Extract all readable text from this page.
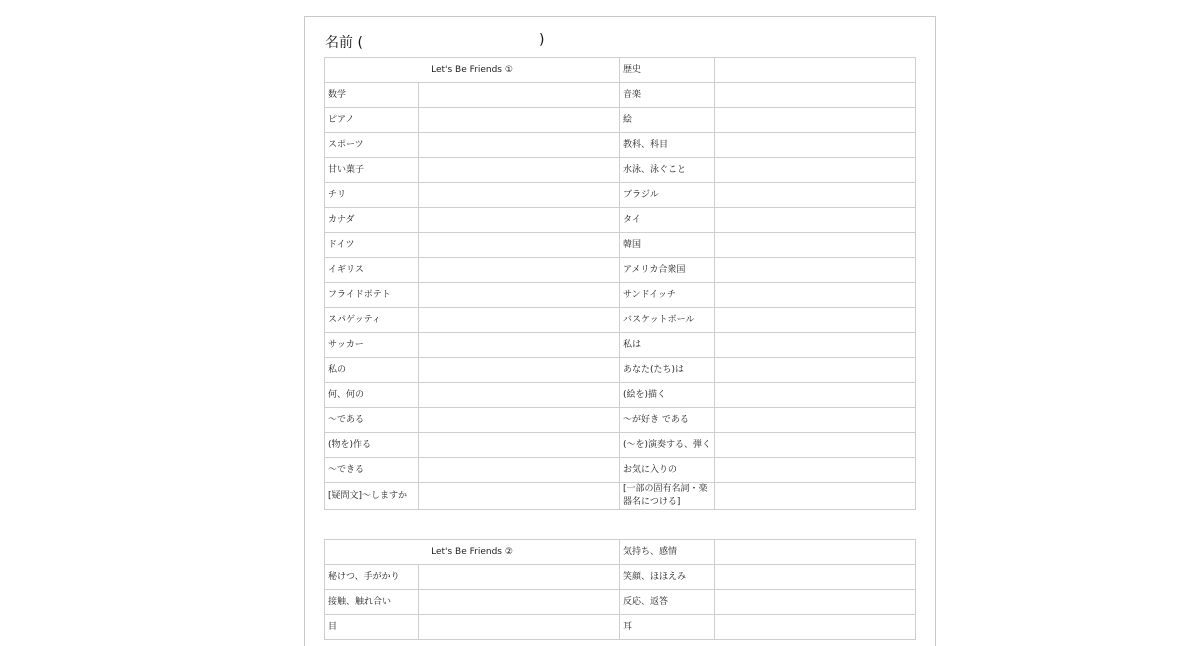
名前 (	)
Let's Be Friends ①		歴史	
数学		音楽	
ピアノ		絵	
スポーツ		教科、科目	
甘い菓子		水泳、泳ぐこと	
チリ		ブラジル	
カナダ		タイ	
ドイツ		韓国	
イギリス		アメリカ合衆国	
フライドポテト		サンドイッチ	
スパゲッティ		バスケットボール	
サッカー		私は	
私の		あなた(たち)は	
何、何の		(絵を)描く	
～である		～が好き である	
(物を)作る		(～を)演奏する、弾く	
～できる		お気に入りの	
[疑問文]～しますか		[一部の固有名詞・楽器名につける]	
Let's Be Friends ②		気持ち、感情	
秘けつ、手がかり		笑顔、ほほえみ	
接触、触れ合い		反応、返答	
目		耳	
